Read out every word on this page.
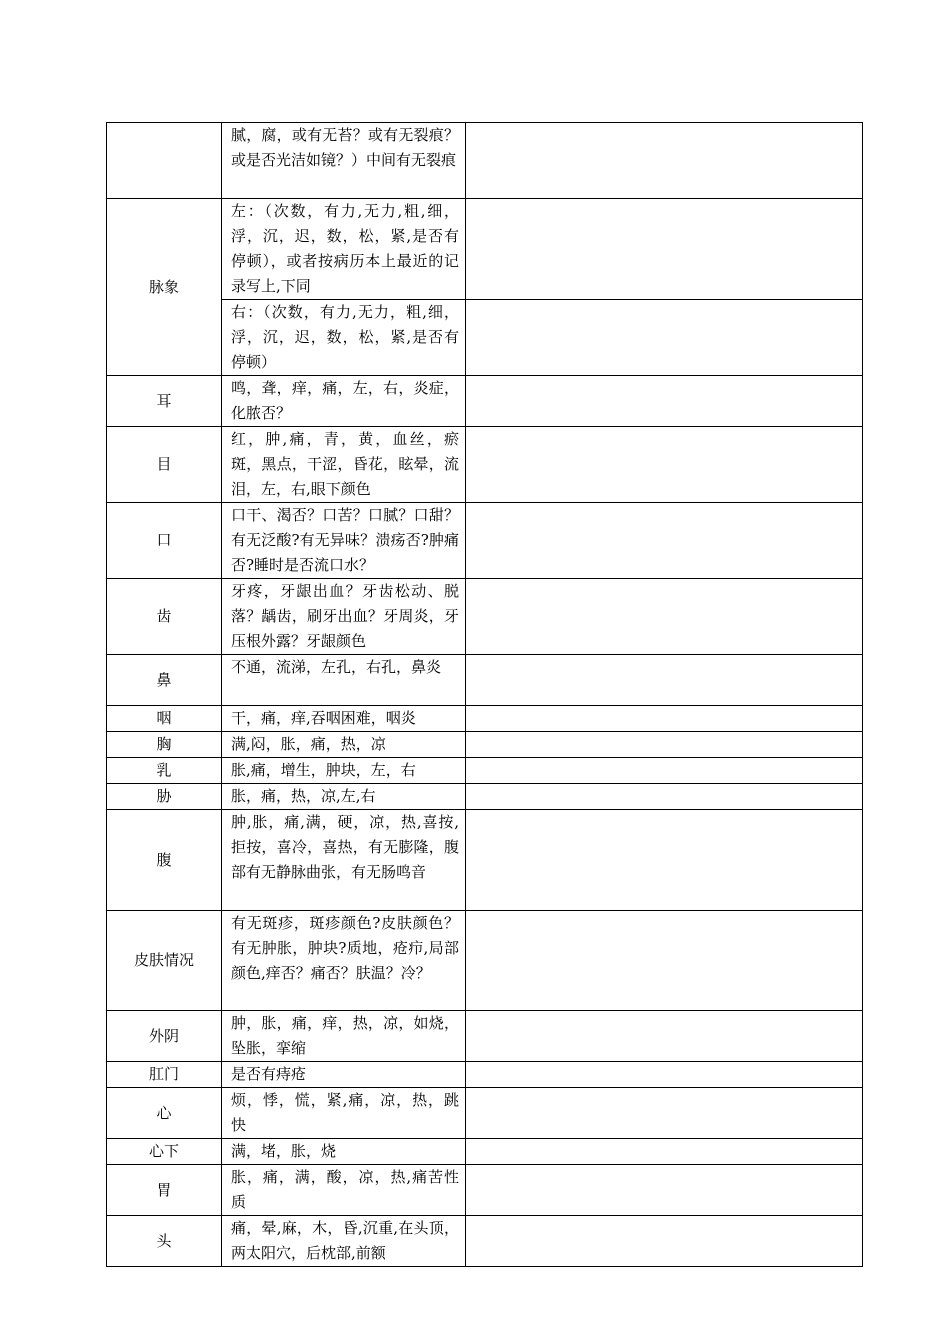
	腻，腐，或有无苔？或有无裂痕？或是否光洁如镜？）中间有无裂痕	
脉象	左：（次数，有力,无力,粗,细，浮，沉，迟，数，松，紧,是否有停顿），或者按病历本上最近的记录写上,下同	
	右：（次数，有力,无力，粗,细，浮，沉，迟，数，松，紧,是否有停顿）	
耳	鸣，聋，痒，痛，左，右，炎症，化脓否？	
目	红，肿,痛，青，黄，血丝，瘀斑，黑点，干涩，昏花，眩晕，流泪，左，右,眼下颜色	
口	口干、渴否？口苦？口腻？口甜？有无泛酸?有无异味？溃疡否?肿痛否?睡时是否流口水？	
齿	牙疼，牙龈出血？牙齿松动、脱落？龋齿，刷牙出血？牙周炎，牙压根外露？牙龈颜色	
鼻	不通，流涕，左孔，右孔，鼻炎	
咽	干，痛，痒,吞咽困难，咽炎	
胸	满,闷，胀，痛，热，凉	
乳	胀,痛，增生，肿块，左，右	
胁	胀，痛，热，凉,左,右	
腹	肿,胀，痛,满，硬，凉，热,喜按,拒按，喜冷，喜热，有无膨隆，腹部有无静脉曲张，有无肠鸣音	
皮肤情况	有无斑疹，斑疹颜色?皮肤颜色？有无肿胀，肿块?质地，疮疖,局部颜色,痒否？痛否？肤温？冷？	
外阴	肿，胀，痛，痒，热，凉，如烧，坠胀，挛缩	
肛门	是否有痔疮	
心	烦，悸，慌，紧,痛，凉，热，跳快	
心下	满，堵，胀，烧	
胃	胀，痛，满，酸，凉，热,痛苦性质	
头	痛，晕,麻，木，昏,沉重,在头顶，两太阳穴，后枕部,前额	
